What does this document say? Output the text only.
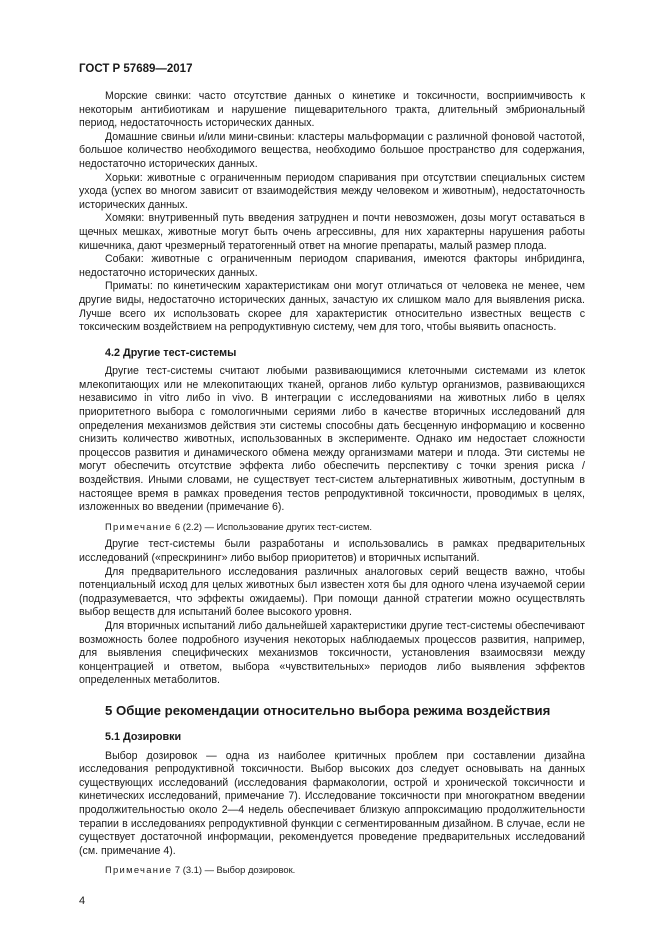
ГОСТ Р 57689—2017

Морские свинки: часто отсутствие данных о кинетике и токсичности, восприимчивость к некоторым антибиотикам и нарушение пищеварительного тракта, длительный эмбриональный период, недостаточность исторических данных.

Домашние свиньи и/или мини-свиньи: кластеры мальформации с различной фоновой частотой, большое количество необходимого вещества, необходимо большое пространство для содержания, недостаточно исторических данных.

Хорьки: животные с ограниченным периодом спаривания при отсутствии специальных систем ухода (успех во многом зависит от взаимодействия между человеком и животным), недостаточность исторических данных.

Хомяки: внутривенный путь введения затруднен и почти невозможен, дозы могут оставаться в щечных мешках, животные могут быть очень агрессивны, для них характерны нарушения работы кишечника, дают чрезмерный тератогенный ответ на многие препараты, малый размер плода.

Собаки: животные с ограниченным периодом спаривания, имеются факторы инбридинга, недостаточно исторических данных.

Приматы: по кинетическим характеристикам они могут отличаться от человека не менее, чем другие виды, недостаточно исторических данных, зачастую их слишком мало для выявления риска. Лучше всего их использовать скорее для характеристик относительно известных веществ с токсическим воздействием на репродуктивную систему, чем для того, чтобы выявить опасность.

4.2 Другие тест-системы

Другие тест-системы считают любыми развивающимися клеточными системами из клеток млекопитающих или не млекопитающих тканей, органов либо культур организмов, развивающихся независимо in vitro либо in vivo. В интеграции с исследованиями на животных либо в целях приоритетного выбора с гомологичными сериями либо в качестве вторичных исследований для определения механизмов действия эти системы способны дать бесценную информацию и косвенно снизить количество животных, использованных в эксперименте. Однако им недостает сложности процессов развития и динамического обмена между организмами матери и плода. Эти системы не могут обеспечить отсутствие эффекта либо обеспечить перспективу с точки зрения риска / воздействия. Иными словами, не существует тест-систем альтернативных животным, доступным в настоящее время в рамках проведения тестов репродуктивной токсичности, проводимых в целях, изложенных во введении (примечание 6).

Примечание 6 (2.2) — Использование других тест-систем.

Другие тест-системы были разработаны и использовались в рамках предварительных исследований («прескрининг» либо выбор приоритетов) и вторичных испытаний.

Для предварительного исследования различных аналоговых серий веществ важно, чтобы потенциальный исход для целых животных был известен хотя бы для одного члена изучаемой серии (подразумевается, что эффекты ожидаемы). При помощи данной стратегии можно осуществлять выбор веществ для испытаний более высокого уровня.

Для вторичных испытаний либо дальнейшей характеристики другие тест-системы обеспечивают возможность более подробного изучения некоторых наблюдаемых процессов развития, например, для выявления специфических механизмов токсичности, установления взаимосвязи между концентрацией и ответом, выбора «чувствительных» периодов либо выявления эффектов определенных метаболитов.

5 Общие рекомендации относительно выбора режима воздействия
5.1 Дозировки

Выбор дозировок — одна из наиболее критичных проблем при составлении дизайна исследования репродуктивной токсичности. Выбор высоких доз следует основывать на данных существующих исследований (исследования фармакологии, острой и хронической токсичности и кинетических исследований, примечание 7). Исследование токсичности при многократном введении продолжительностью около 2—4 недель обеспечивает близкую аппроксимацию продолжительности терапии в исследованиях репродуктивной функции с сегментированным дизайном. В случае, если не существует достаточной информации, рекомендуется проведение предварительных исследований (см. примечание 4).

Примечание 7 (3.1) — Выбор дозировок.
4
